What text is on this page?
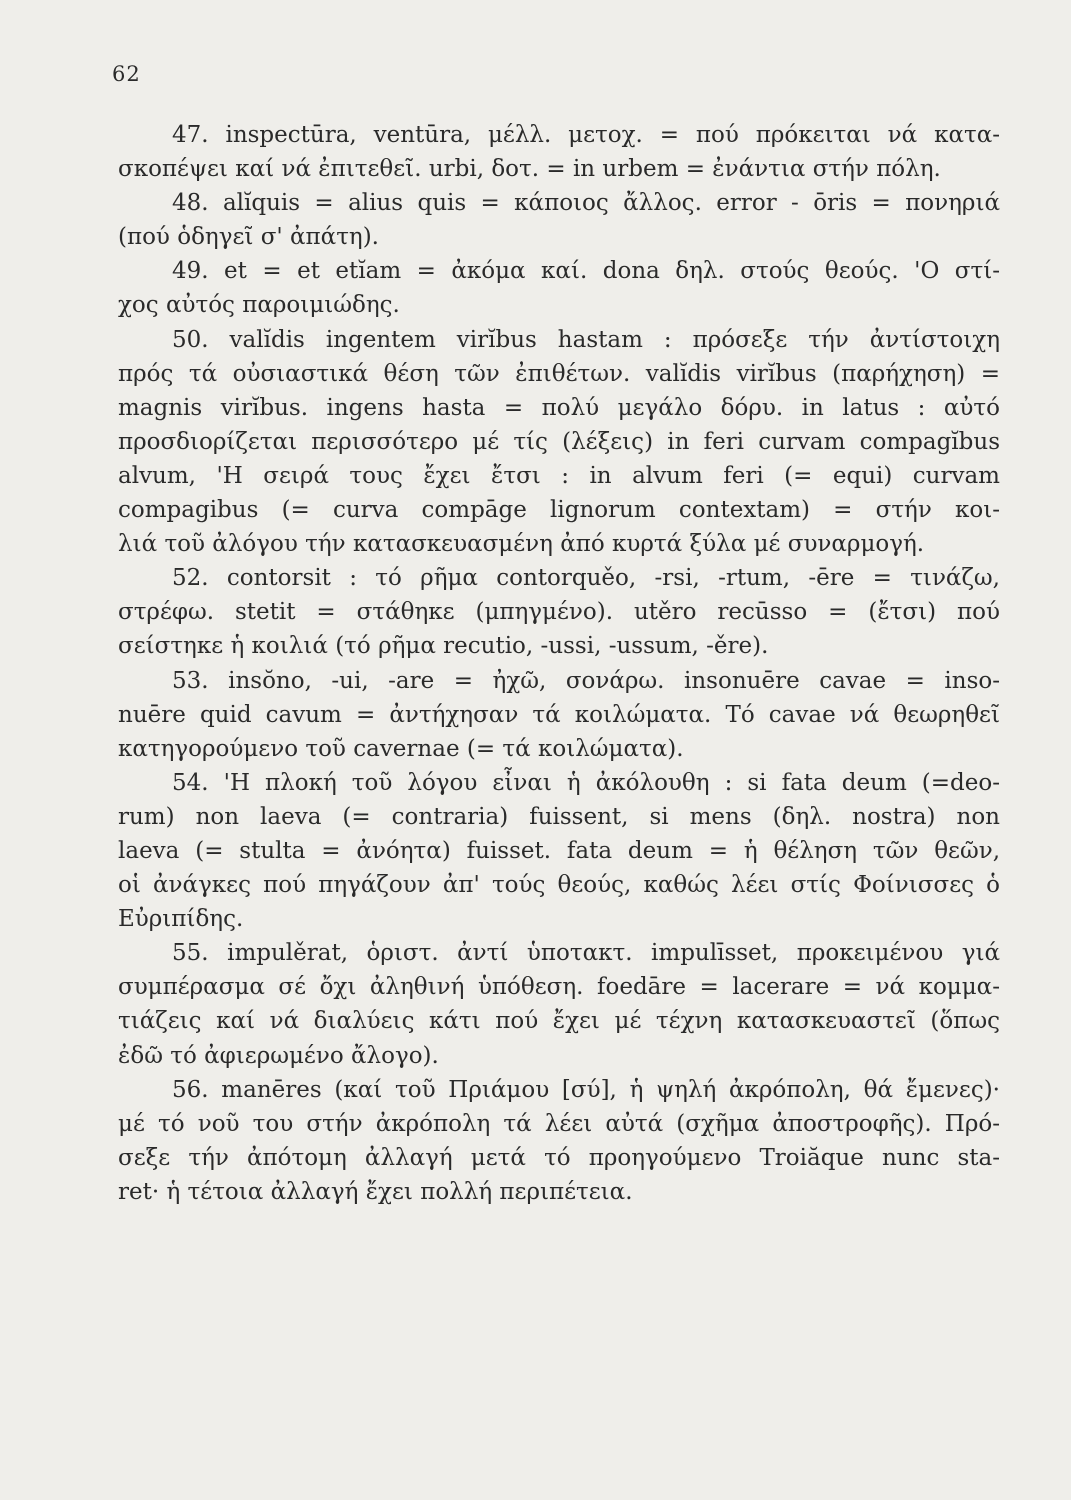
62
47. inspectūra, ventūra, μέλλ. μετοχ. = πού πρόκειται νά κατα-
σκοπέψει καί νά ἐπιτεθεῖ. urbi, δοτ. = in urbem = ἐνάντια στήν πόλη.
48. alĭquis = alius quis = κάποιος ἄλλος. error - ōris = πονηριά
(πού ὁδηγεῖ σ' ἀπάτη).
49. et = et etĭam = ἀκόμα καί. dona δηλ. στούς θεούς. 'Ο στί-
χος αὐτός παροιμιώδης.
50. valĭdis ingentem virĭbus hastam : πρόσεξε τήν ἀντίστοιχη
πρός τά οὐσιαστικά θέση τῶν ἐπιθέτων. valĭdis virĭbus (παρήχηση) =
magnis virĭbus. ingens hasta = πολύ μεγάλο δόρυ. in latus : αὐτό
προσδιορίζεται περισσότερο μέ τίς (λέξεις) in feri curvam compagĭbus
alvum, 'Η σειρά τους ἔχει ἔτσι : in alvum feri (= equi) curvam
compagibus (= curva compāge lignorum contextam) = στήν κοι-
λιά τοῦ ἀλόγου τήν κατασκευασμένη ἀπό κυρτά ξύλα μέ συναρμογή.
52. contorsit : τό ρῆμα contorquěo, -rsi, -rtum, -ēre = τινάζω,
στρέφω. stetit = στάθηκε (μπηγμένο). utěro recūsso = (ἔτσι) πού
σείστηκε ἡ κοιλιά (τό ρῆμα recutio, -ussi, -ussum, -ěre).
53. insŏno, -ui, -are = ἠχῶ, σονάρω. insonuēre cavae = inso-
nuēre quid cavum = ἀντήχησαν τά κοιλώματα. Τό cavae νά θεωρηθεῖ
κατηγορούμενο τοῦ cavernae (= τά κοιλώματα).
54. 'Η πλοκή τοῦ λόγου εἶναι ἡ ἀκόλουθη : si fata deum (=deo-
rum) non laeva (= contraria) fuissent, si mens (δηλ. nostra) non
laeva (= stulta = ἀνόητα) fuisset. fata deum = ἡ θέληση τῶν θεῶν,
οἱ ἀνάγκες πού πηγάζουν ἀπ' τούς θεούς, καθώς λέει στίς Φοίνισσες ὁ
Εὐριπίδης.
55. impulěrat, ὁριστ. ἀντί ὑποτακτ. impulīsset, προκειμένου γιά
συμπέρασμα σέ ὄχι ἀληθινή ὑπόθεση. foedāre = lacerare = νά κομμα-
τιάζεις καί νά διαλύεις κάτι πού ἔχει μέ τέχνη κατασκευαστεῖ (ὅπως
ἐδῶ τό ἀφιερωμένο ἄλογο).
56. manēres (καί τοῦ Πριάμου [σύ], ἡ ψηλή ἀκρόπολη, θά ἔμενες)·
μέ τό νοῦ του στήν ἀκρόπολη τά λέει αὐτά (σχῆμα ἀποστροφῆς). Πρό-
σεξε τήν ἀπότομη ἀλλαγή μετά τό προηγούμενο Troiăque nunc sta-
ret· ἡ τέτοια ἀλλαγή ἔχει πολλή περιπέτεια.
